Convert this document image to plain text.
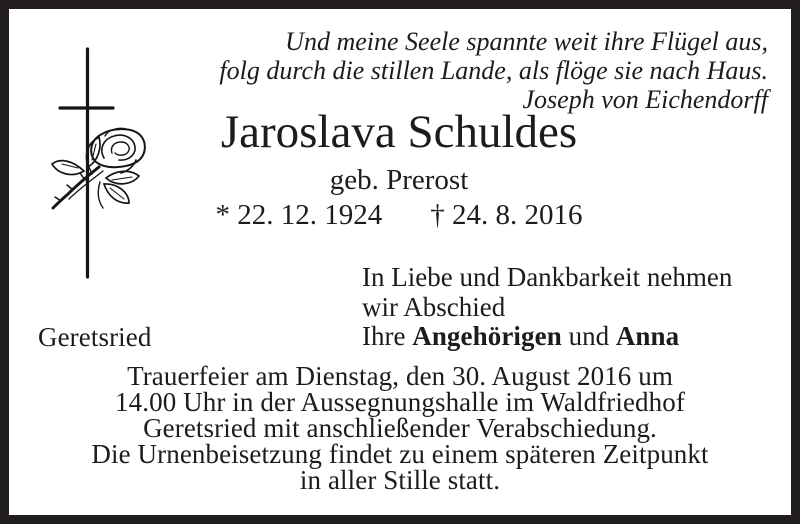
Und meine Seele spannte weit ihre Flügel aus,
folg durch die stillen Lande, als flöge sie nach Haus.
Joseph von Eichendorff
Jaroslava Schuldes
geb. Prerost
* 22. 12. 1924 † 24. 8. 2016
In Liebe und Dankbarkeit nehmen
wir Abschied
Ihre Angehörigen und Anna
Geretsried
Trauerfeier am Dienstag, den 30. August 2016 um
14.00 Uhr in der Aussegnungshalle im Waldfriedhof
Geretsried mit anschließender Verabschiedung.
Die Urnenbeisetzung findet zu einem späteren Zeitpunkt
in aller Stille statt.
